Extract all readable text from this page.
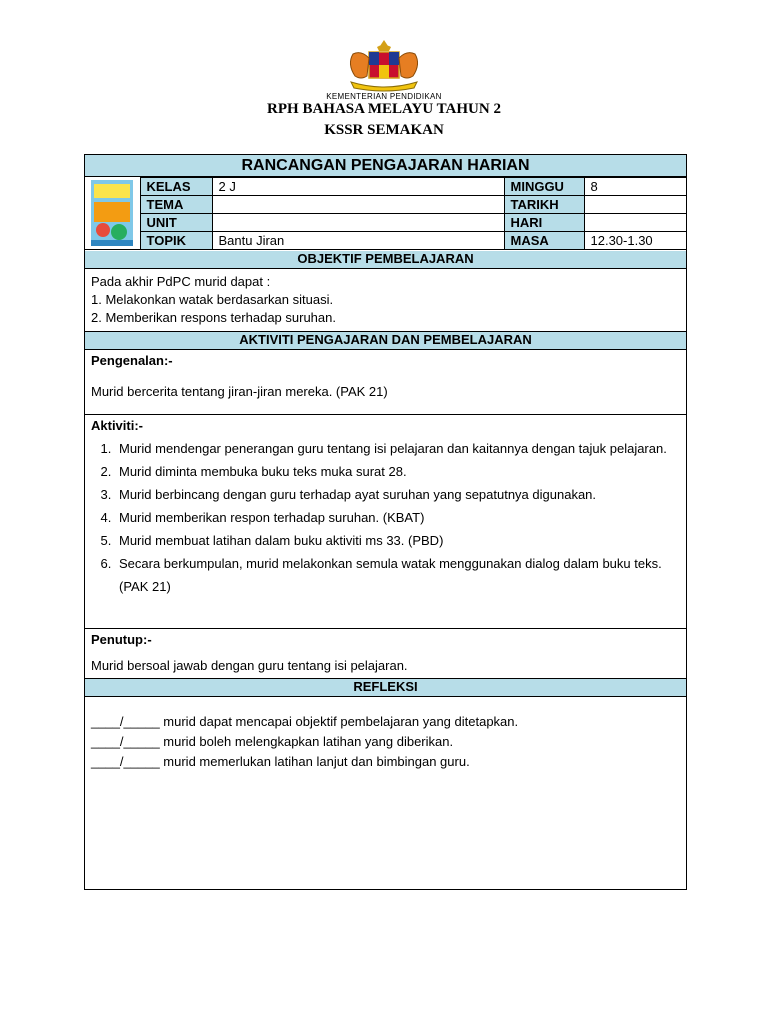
KEMENTERIAN PENDIDIKAN
RPH BAHASA MELAYU TAHUN 2
KSSR SEMAKAN
RANCANGAN PENGAJARAN HARIAN
	KELAS	2 J	MINGGU	8
	TEMA		TARIKH	
	UNIT		HARI	
	TOPIK	Bantu Jiran	MASA	12.30-1.30
OBJEKTIF PEMBELAJARAN
Pada akhir PdPC murid dapat :
1. Melakonkan watak berdasarkan situasi.
2. Memberikan respons terhadap suruhan.
AKTIVITI PENGAJARAN DAN PEMBELAJARAN
Pengenalan:-
Murid bercerita tentang jiran-jiran mereka. (PAK 21)
Aktiviti:-
1. Murid mendengar penerangan guru tentang isi pelajaran dan kaitannya dengan tajuk pelajaran.
2. Murid diminta membuka buku teks muka surat 28.
3. Murid berbincang dengan guru terhadap ayat suruhan yang sepatutnya digunakan.
4. Murid memberikan respon terhadap suruhan. (KBAT)
5. Murid membuat latihan dalam buku aktiviti ms 33. (PBD)
6. Secara berkumpulan, murid melakonkan semula watak menggunakan dialog dalam buku teks. (PAK 21)
Penutup:-
Murid bersoal jawab dengan guru tentang isi pelajaran.
REFLEKSI
____/_____ murid dapat mencapai objektif pembelajaran yang ditetapkan.
____/_____ murid boleh melengkapkan latihan yang diberikan.
____/_____ murid memerlukan latihan lanjut dan bimbingan guru.
